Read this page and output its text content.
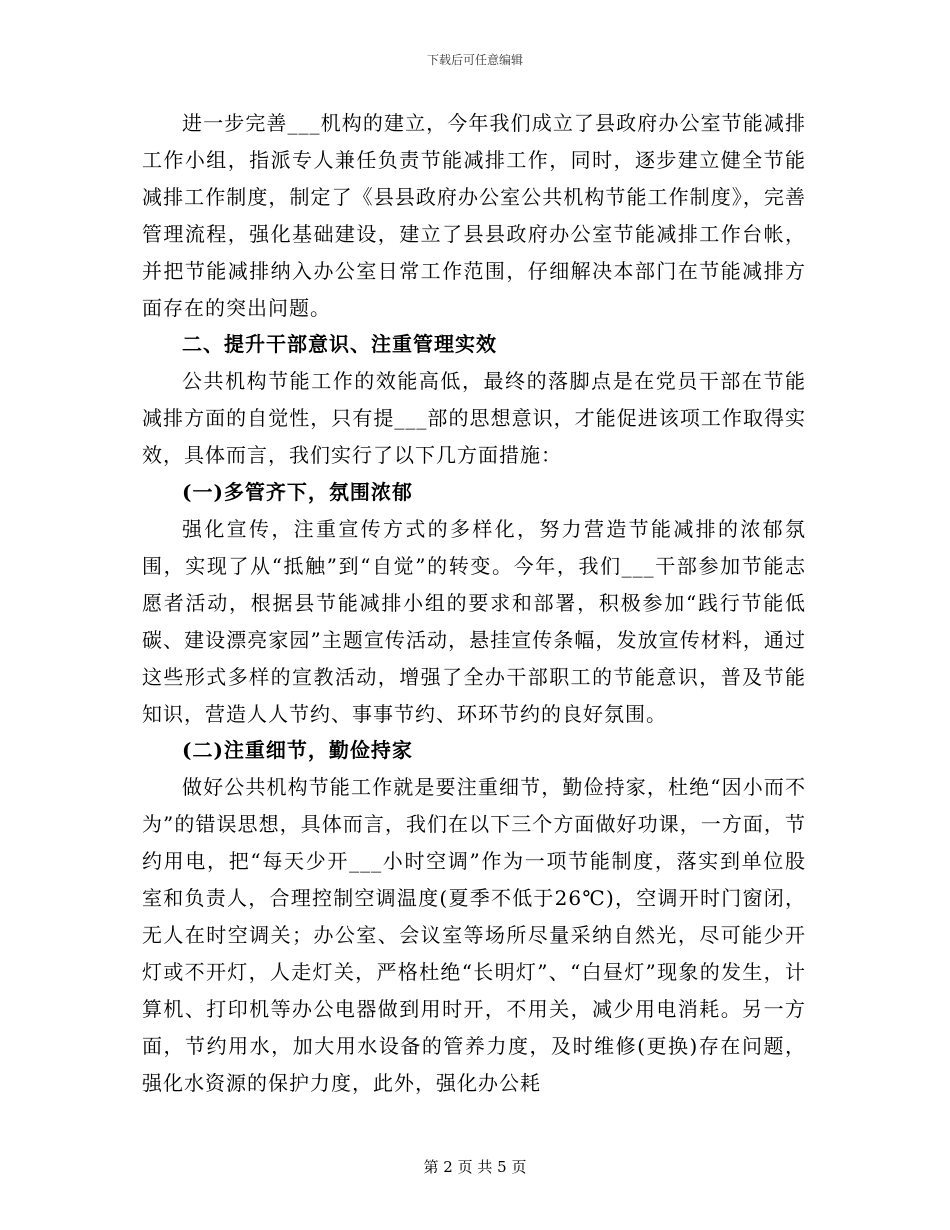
下载后可任意编辑

进一步完善___机构的建立，今年我们成立了县政府办公室节能减排工作小组，指派专人兼任负责节能减排工作，同时，逐步建立健全节能减排工作制度，制定了《县县政府办公室公共机构节能工作制度》，完善管理流程，强化基础建设，建立了县县政府办公室节能减排工作台帐，并把节能减排纳入办公室日常工作范围，仔细解决本部门在节能减排方面存在的突出问题。

二、提升干部意识、注重管理实效

公共机构节能工作的效能高低，最终的落脚点是在党员干部在节能减排方面的自觉性，只有提___部的思想意识，才能促进该项工作取得实效，具体而言，我们实行了以下几方面措施：

(一)多管齐下，氛围浓郁

强化宣传，注重宣传方式的多样化，努力营造节能减排的浓郁氛围，实现了从“抵触”到“自觉”的转变。今年，我们___干部参加节能志愿者活动，根据县节能减排小组的要求和部署，积极参加“践行节能低碳、建设漂亮家园”主题宣传活动，悬挂宣传条幅，发放宣传材料，通过这些形式多样的宣教活动，增强了全办干部职工的节能意识，普及节能知识，营造人人节约、事事节约、环环节约的良好氛围。

(二)注重细节，勤俭持家

做好公共机构节能工作就是要注重细节，勤俭持家，杜绝“因小而不为”的错误思想，具体而言，我们在以下三个方面做好功课，一方面，节约用电，把“每天少开___小时空调”作为一项节能制度，落实到单位股室和负责人，合理控制空调温度(夏季不低于26℃)，空调开时门窗闭，无人在时空调关；办公室、会议室等场所尽量采纳自然光，尽可能少开灯或不开灯，人走灯关，严格杜绝“长明灯”、“白昼灯”现象的发生，计算机、打印机等办公电器做到用时开，不用关，减少用电消耗。另一方面，节约用水，加大用水设备的管养力度，及时维修(更换)存在问题，强化水资源的保护力度，此外，强化办公耗

第 2 页 共 5 页
